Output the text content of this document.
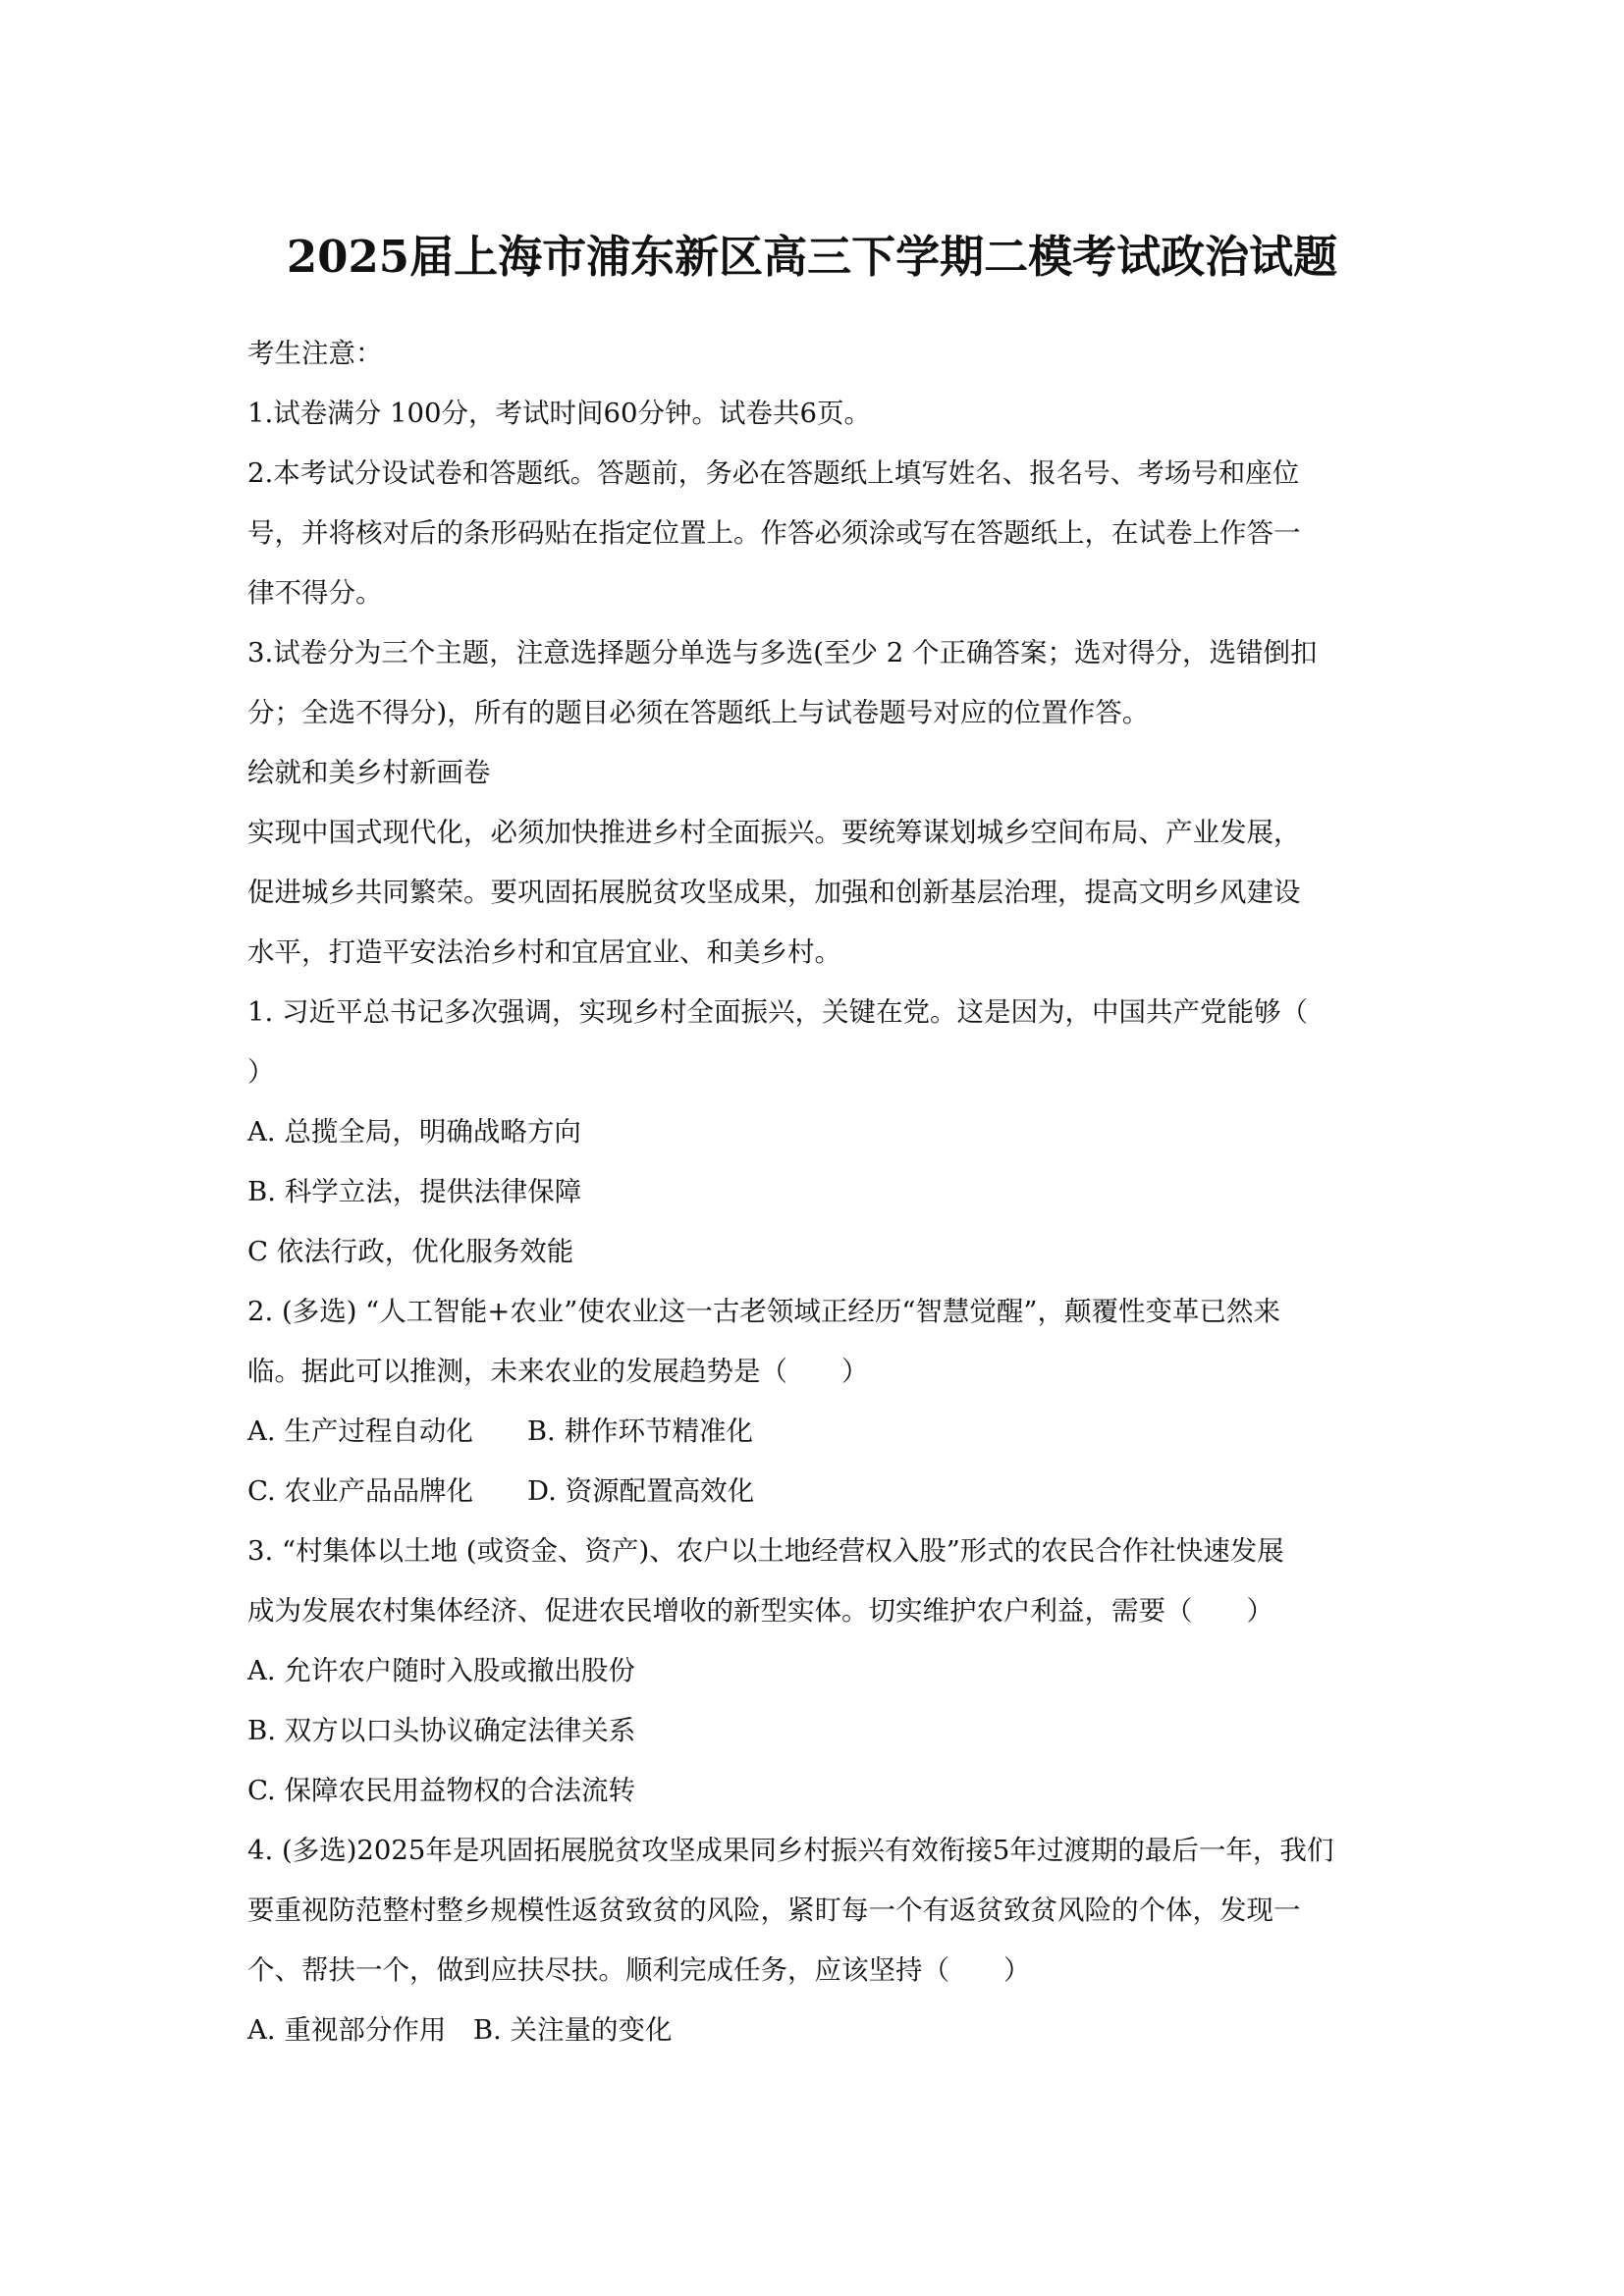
2025届上海市浦东新区高三下学期二模考试政治试题
考生注意：
1.试卷满分 100分，考试时间60分钟。试卷共6页。
2.本考试分设试卷和答题纸。答题前，务必在答题纸上填写姓名、报名号、考场号和座位
号，并将核对后的条形码贴在指定位置上。作答必须涂或写在答题纸上，在试卷上作答一
律不得分。
3.试卷分为三个主题，注意选择题分单选与多选(至少 2 个正确答案；选对得分，选错倒扣
分；全选不得分)，所有的题目必须在答题纸上与试卷题号对应的位置作答。
绘就和美乡村新画卷
实现中国式现代化，必须加快推进乡村全面振兴。要统筹谋划城乡空间布局、产业发展，
促进城乡共同繁荣。要巩固拓展脱贫攻坚成果，加强和创新基层治理，提高文明乡风建设
水平，打造平安法治乡村和宜居宜业、和美乡村。
1. 习近平总书记多次强调，实现乡村全面振兴，关键在党。这是因为，中国共产党能够（
）
A. 总揽全局，明确战略方向
B. 科学立法，提供法律保障
C 依法行政，优化服务效能
2. (多选) “人工智能+农业”使农业这一古老领域正经历“智慧觉醒”，颠覆性变革已然来
临。据此可以推测，未来农业的发展趋势是（　　）
A. 生产过程自动化　　B. 耕作环节精准化
C. 农业产品品牌化　　D. 资源配置高效化
3. “村集体以土地 (或资金、资产)、农户以土地经营权入股”形式的农民合作社快速发展
成为发展农村集体经济、促进农民增收的新型实体。切实维护农户利益，需要（　　）
A. 允许农户随时入股或撤出股份
B. 双方以口头协议确定法律关系
C. 保障农民用益物权的合法流转
4. (多选)2025年是巩固拓展脱贫攻坚成果同乡村振兴有效衔接5年过渡期的最后一年，我们
要重视防范整村整乡规模性返贫致贫的风险，紧盯每一个有返贫致贫风险的个体，发现一
个、帮扶一个，做到应扶尽扶。顺利完成任务，应该坚持（　　）
A. 重视部分作用　B. 关注量的变化
